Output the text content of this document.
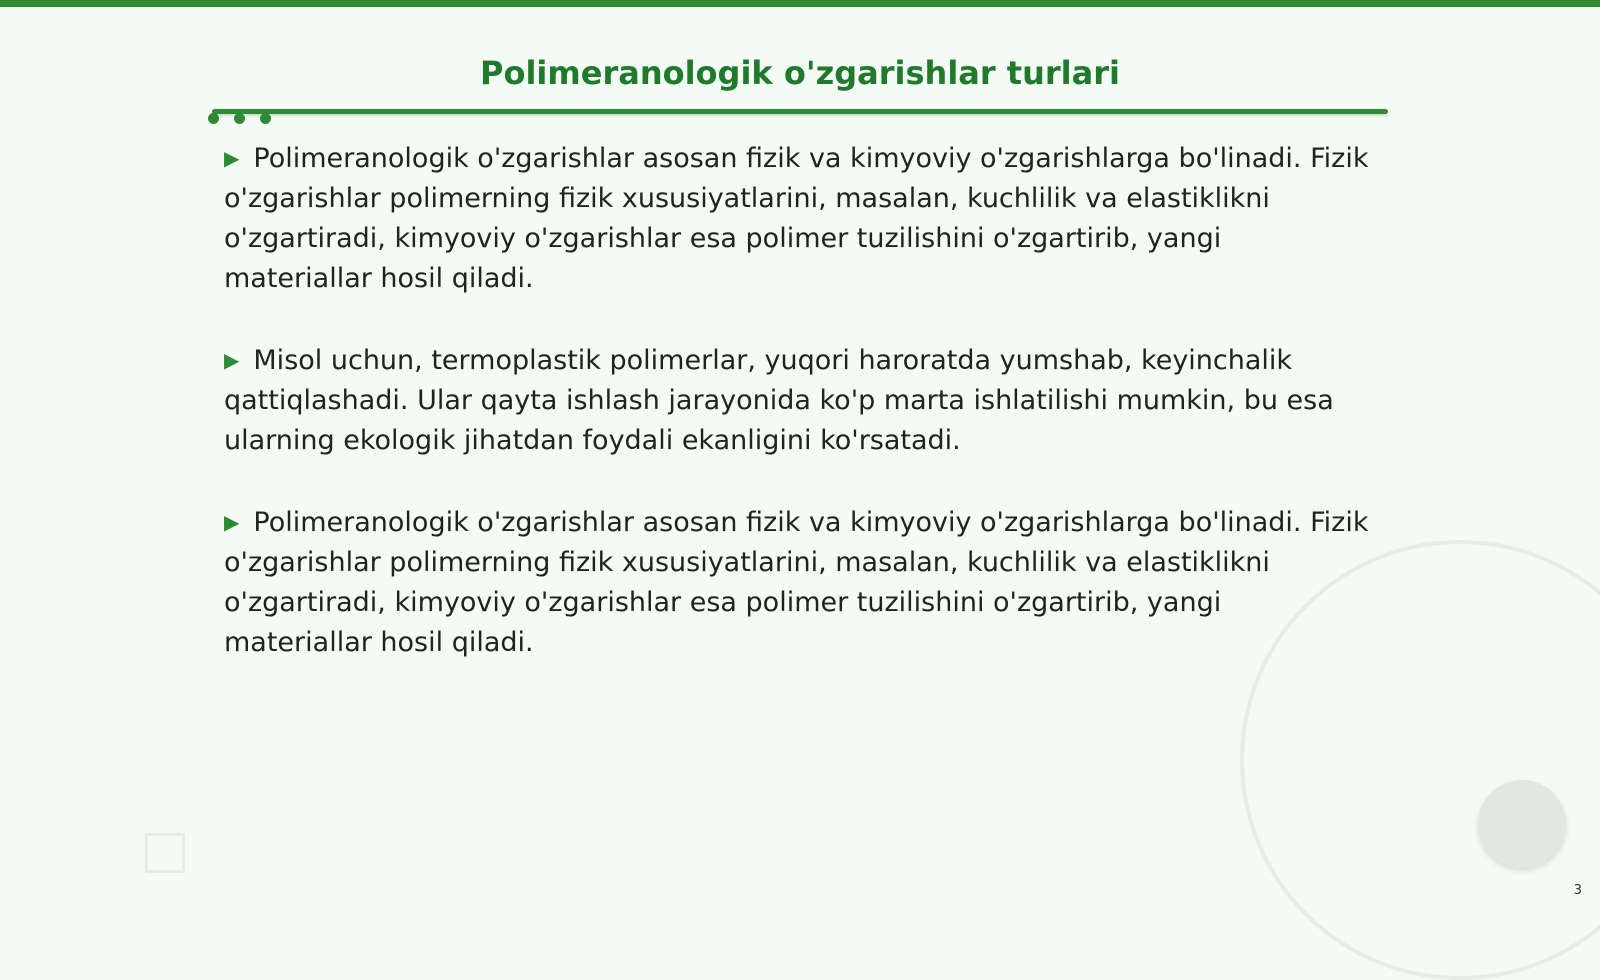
Polimeranologik o'zgarishlar turlari

▶ Polimeranologik o'zgarishlar asosan fizik va kimyoviy o'zgarishlarga bo'linadi. Fizik o'zgarishlar polimerning fizik xususiyatlarini, masalan, kuchlilik va elastiklikni o'zgartiradi, kimyoviy o'zgarishlar esa polimer tuzilishini o'zgartirib, yangi materiallar hosil qiladi.

▶ Misol uchun, termoplastik polimerlar, yuqori haroratda yumshab, keyinchalik qattiqlashadi. Ular qayta ishlash jarayonida ko'p marta ishlatilishi mumkin, bu esa ularning ekologik jihatdan foydali ekanligini ko'rsatadi.

▶ Polimeranologik o'zgarishlar asosan fizik va kimyoviy o'zgarishlarga bo'linadi. Fizik o'zgarishlar polimerning fizik xususiyatlarini, masalan, kuchlilik va elastiklikni o'zgartiradi, kimyoviy o'zgarishlar esa polimer tuzilishini o'zgartirib, yangi materiallar hosil qiladi.

3
